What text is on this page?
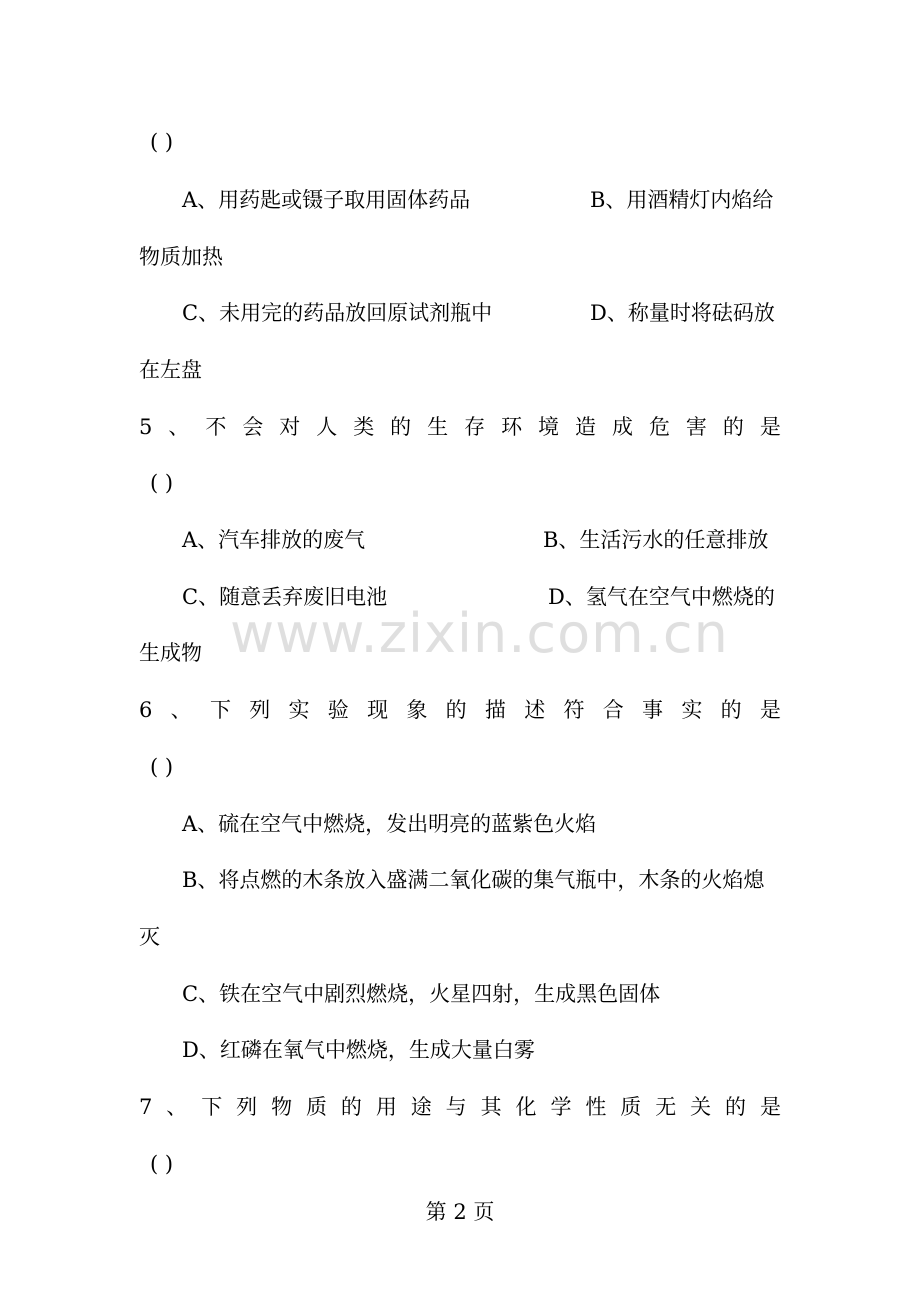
( )
A、用药匙或镊子取用固体药品	B、用酒精灯内焰给
物质加热
C、未用完的药品放回原试剂瓶中	D、称量时将砝码放
在左盘
5 、 不 会 对 人 类 的 生 存 环 境 造 成 危 害 的 是
( )
A、汽车排放的废气	B、生活污水的任意排放
C、随意丢弃废旧电池	D、氢气在空气中燃烧的
生成物
6 、 下 列 实 验 现 象 的 描 述 符 合 事 实 的 是
( )
A、硫在空气中燃烧，发出明亮的蓝紫色火焰
B、将点燃的木条放入盛满二氧化碳的集气瓶中，木条的火焰熄
灭
C、铁在空气中剧烈燃烧，火星四射，生成黑色固体
D、红磷在氧气中燃烧，生成大量白雾
7 、 下 列 物 质 的 用 途 与 其 化 学 性 质 无 关 的 是
( )
www.zixin.com.cn
第 2 页
